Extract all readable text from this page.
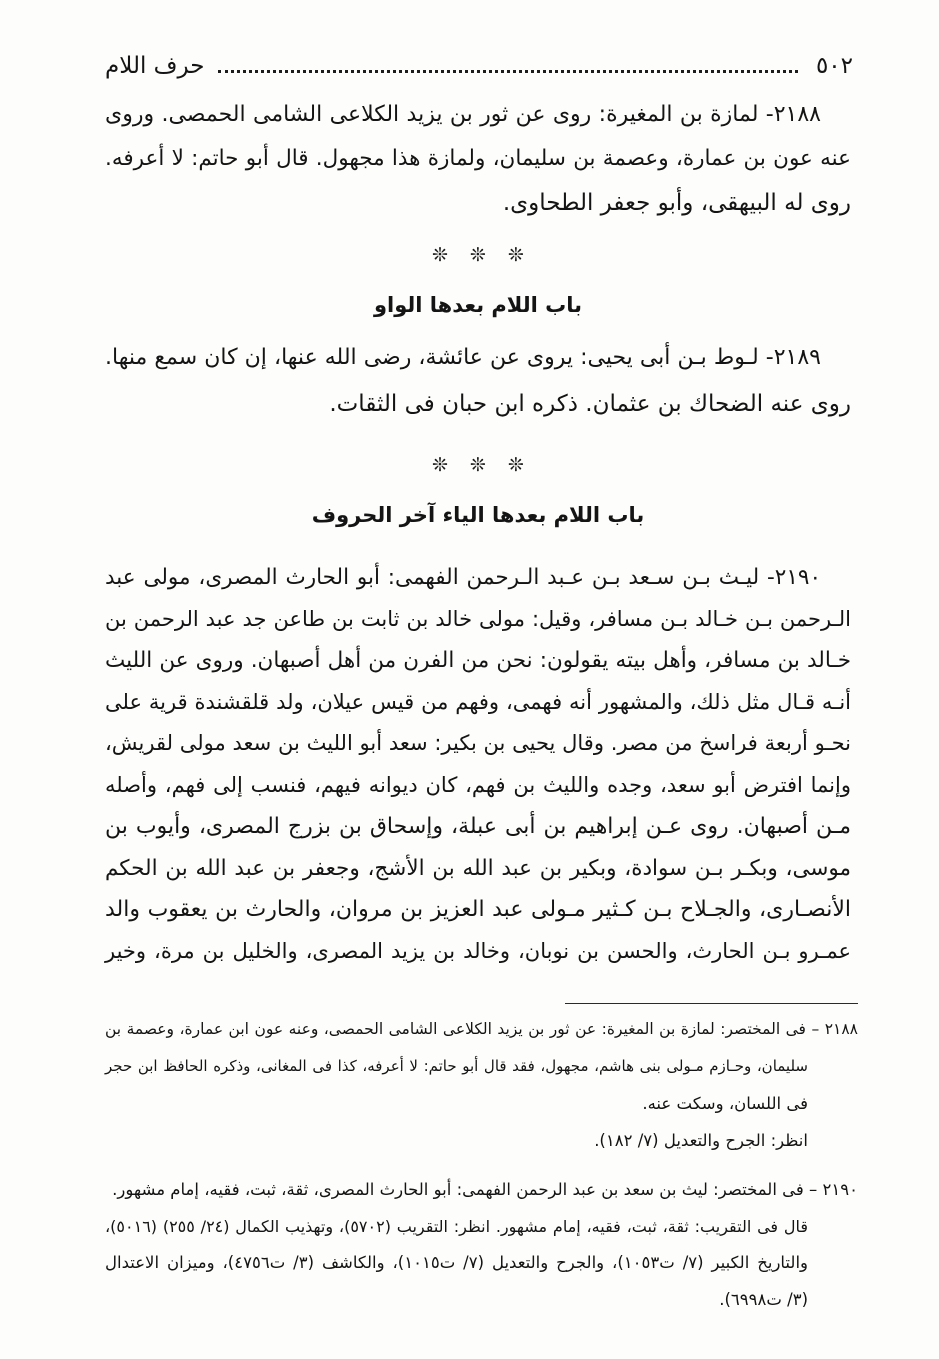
٥٠٢
حرف اللام
٢١٨٨- لمازة بن المغيرة: روى عن ثور بن يزيد الكلاعى الشامى الحمصى. وروى
عنه عون بن عمارة، وعصمة بن سليمان، ولمازة هذا مجهول. قال أبو حاتم: لا أعرفه.
روى له البيهقى، وأبو جعفر الطحاوى.
❊ ❊ ❊
باب اللام بعدها الواو
٢١٨٩- لـوط بـن أبى يحيى: يروى عن عائشة، رضى الله عنها، إن كان سمع منها.
روى عنه الضحاك بن عثمان. ذكره ابن حبان فى الثقات.
❊ ❊ ❊
باب اللام بعدها الياء آخر الحروف
٢١٩٠- ليـث بـن سـعد بـن عـبد الـرحمن الفهمى: أبو الحارث المصرى، مولى عبد
الـرحمن بـن خـالد بـن مسافر، وقيل: مولى خالد بن ثابت بن طاعن جد عبد الرحمن بن
خـالد بن مسافر، وأهل بيته يقولون: نحن من الفرن من أهل أصبهان. وروى عن الليث
أنـه قـال مثل ذلك، والمشهور أنه فهمى، وفهم من قيس عيلان، ولد قلقشندة قرية على
نحـو أربعة فراسخ من مصر. وقال يحيى بن بكير: سعد أبو الليث بن سعد مولى لقريش،
وإنما افترض أبو سعد، وجده والليث بن فهم، كان ديوانه فيهم، فنسب إلى فهم، وأصله
مـن أصبهان. روى عـن إبراهيم بن أبى عبلة، وإسحاق بن بزرج المصرى، وأيوب بن
موسى، وبكـر بـن سوادة، وبكير بن عبد الله بن الأشج، وجعفر بن عبد الله بن الحكم
الأنصـارى، والجـلاح بـن كـثير مـولى عبد العزيز بن مروان، والحارث بن يعقوب والد
عمـرو بـن الحارث، والحسن بن نوبان، وخالد بن يزيد المصرى، والخليل بن مرة، وخير
٢١٨٨ – فى المختصر: لمازة بن المغيرة: عن ثور بن يزيد الكلاعى الشامى الحمصى، وعنه عون ابن عمارة، وعصمة بن
سليمان، وحـازم مـولى بنى هاشم، مجهول، فقد قال أبو حاتم: لا أعرفه، كذا فى المغانى، وذكره الحافظ ابن حجر
فى اللسان، وسكت عنه.
انظر: الجرح والتعديل (٧/ ١٨٢).
٢١٩٠ – فى المختصر: ليث بن سعد بن عبد الرحمن الفهمى: أبو الحارث المصرى، ثقة، ثبت، فقيه، إمام مشهور.
قال فى التقريب: ثقة، ثبت، فقيه، إمام مشهور. انظر: التقريب (٥٧٠٢)، وتهذيب الكمال (٢٤/ ٢٥٥) (٥٠١٦)،
والتاريخ الكبير (٧/ ت١٠٥٣)، والجرح والتعديل (٧/ ت١٠١٥)، والكاشف (٣/ ت٤٧٥٦)، وميزان الاعتدال
(٣/ ت٦٩٩٨).
